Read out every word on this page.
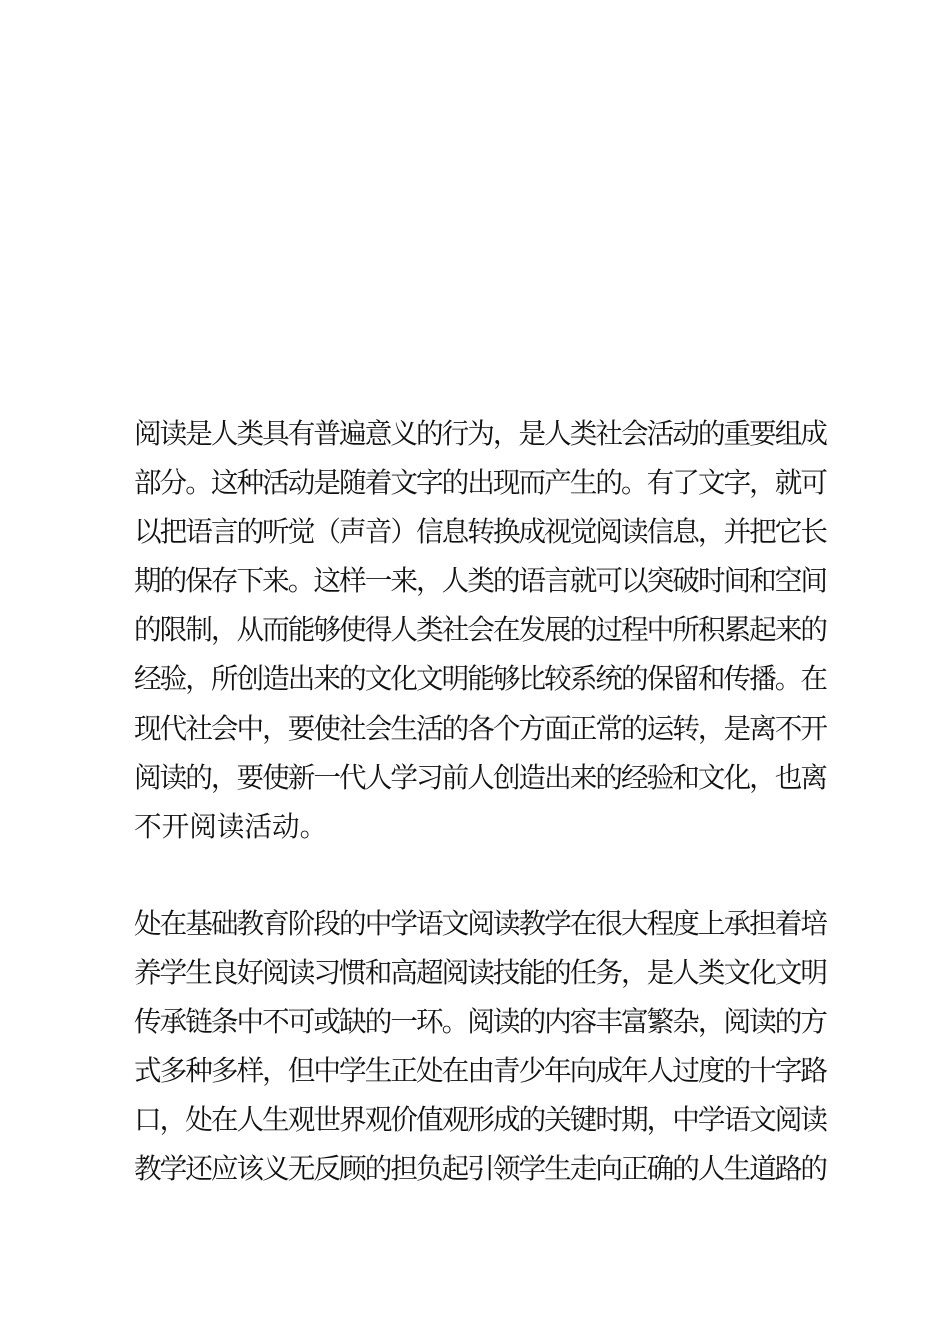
阅读是人类具有普遍意义的行为，是人类社会活动的重要组成
部分。这种活动是随着文字的出现而产生的。有了文字，就可
以把语言的听觉（声音）信息转换成视觉阅读信息，并把它长
期的保存下来。这样一来，人类的语言就可以突破时间和空间
的限制，从而能够使得人类社会在发展的过程中所积累起来的
经验，所创造出来的文化文明能够比较系统的保留和传播。在
现代社会中，要使社会生活的各个方面正常的运转，是离不开
阅读的，要使新一代人学习前人创造出来的经验和文化，也离
不开阅读活动。
处在基础教育阶段的中学语文阅读教学在很大程度上承担着培
养学生良好阅读习惯和高超阅读技能的任务，是人类文化文明
传承链条中不可或缺的一环。阅读的内容丰富繁杂，阅读的方
式多种多样，但中学生正处在由青少年向成年人过度的十字路
口，处在人生观世界观价值观形成的关键时期，中学语文阅读
教学还应该义无反顾的担负起引领学生走向正确的人生道路的
